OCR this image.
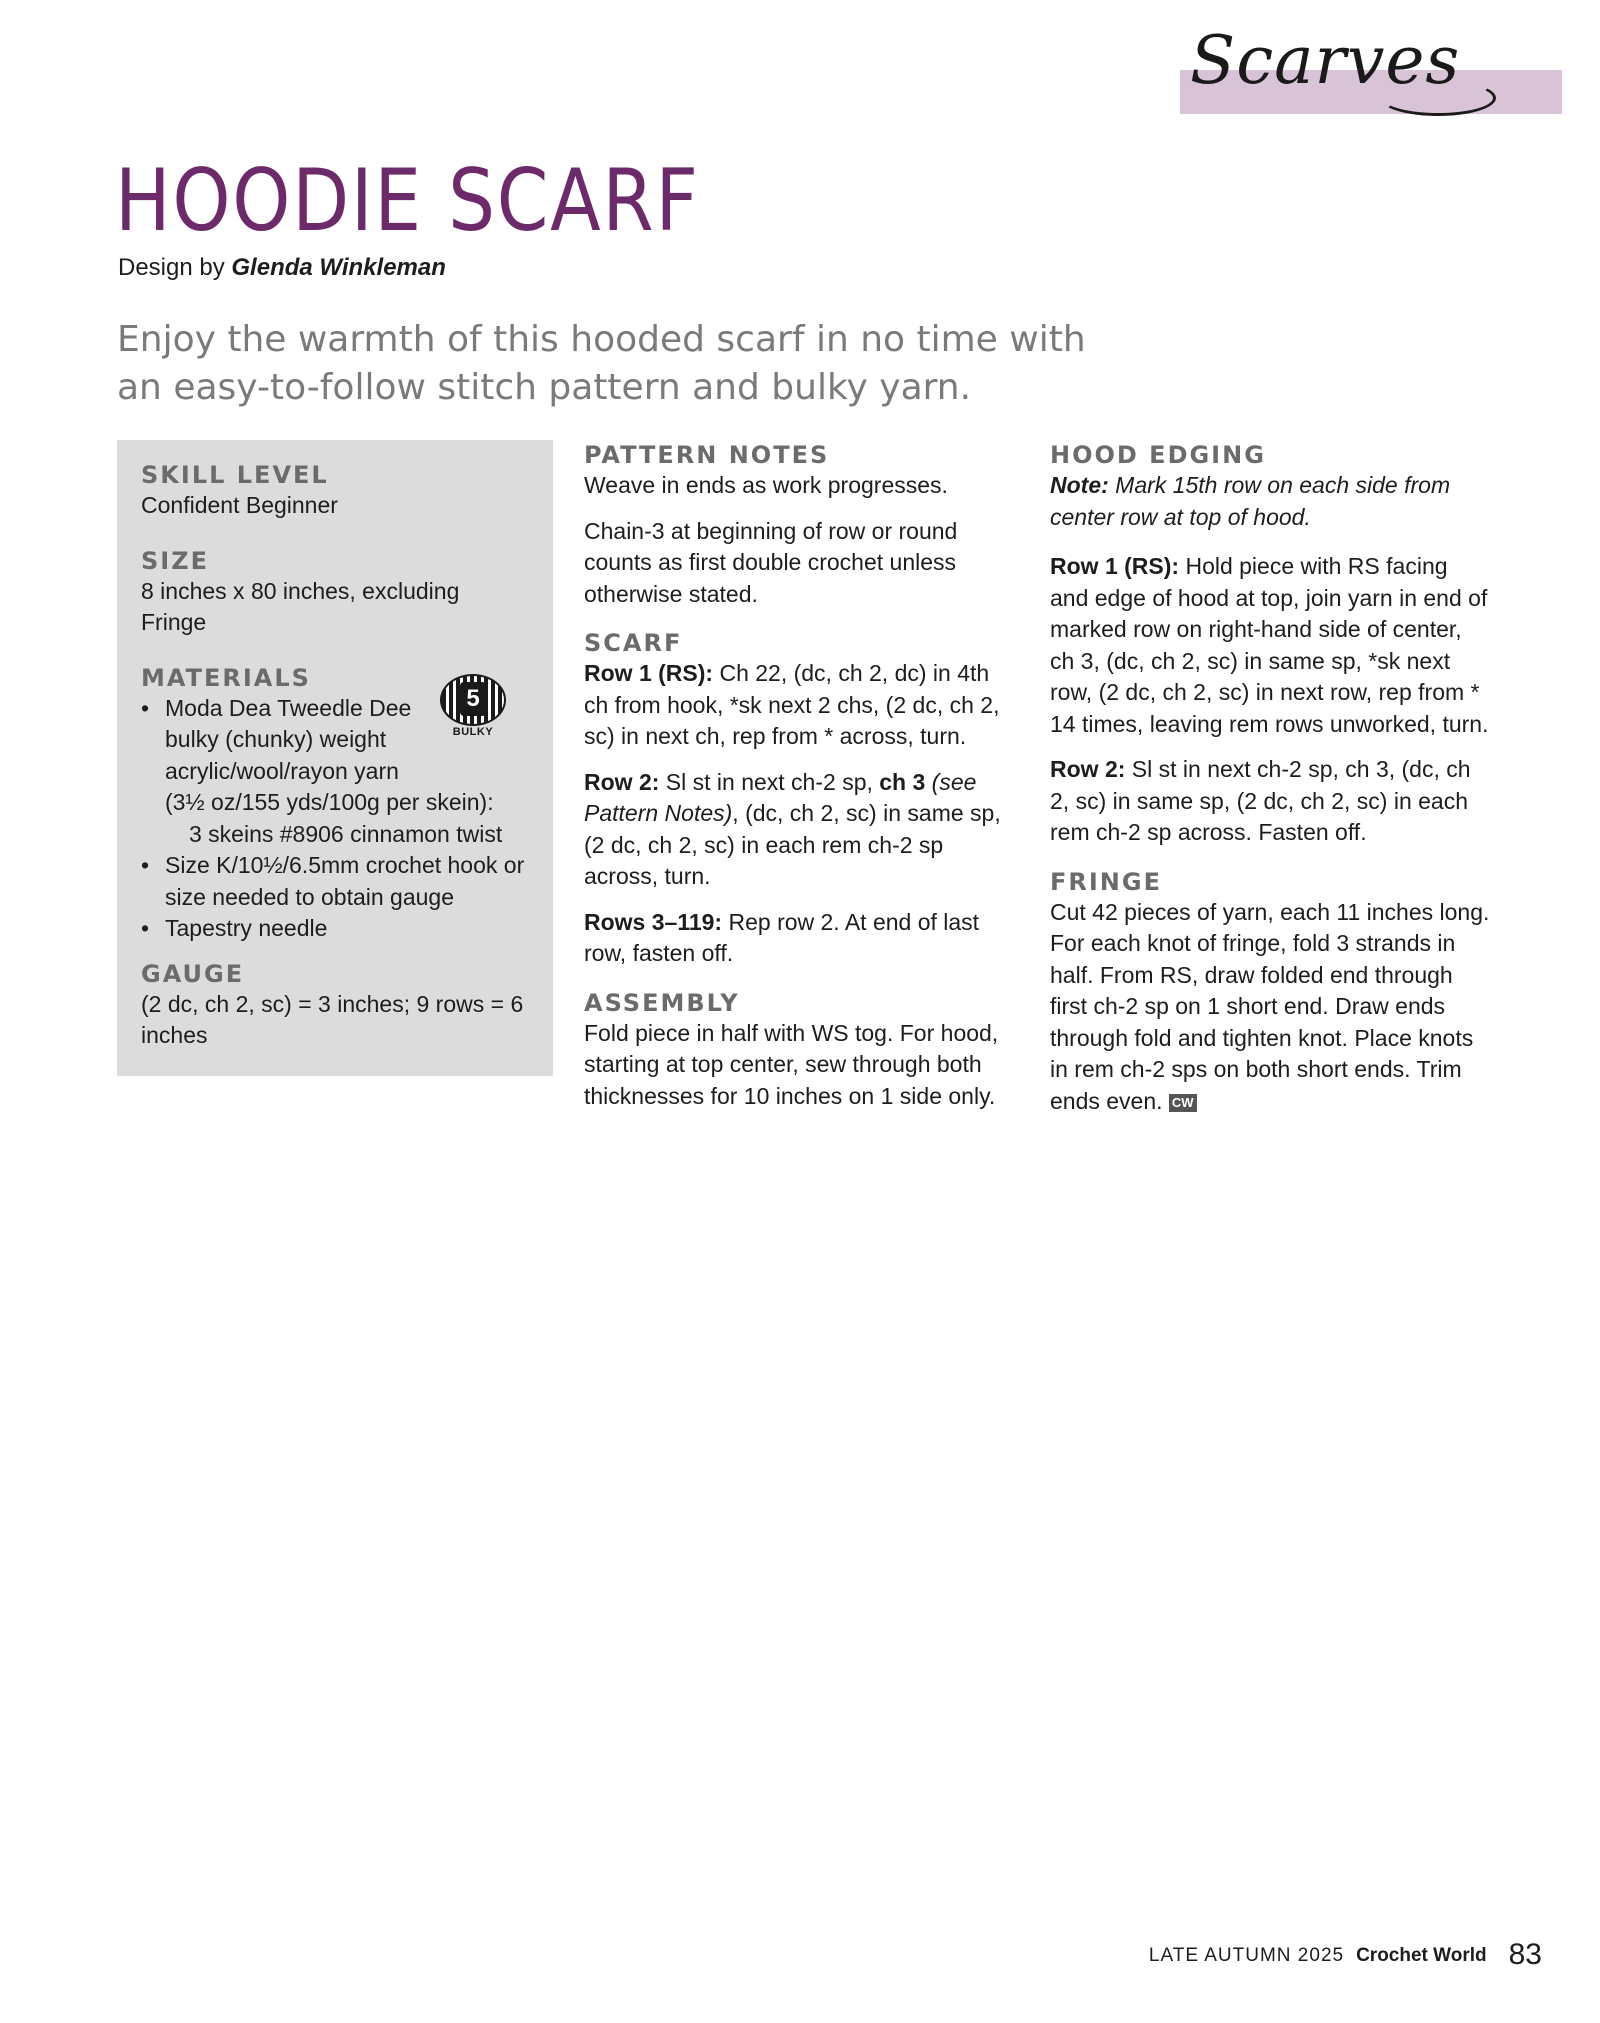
Scarves
HOODIE SCARF
Design by Glenda Winkleman

Enjoy the warmth of this hooded scarf in no time with an easy-to-follow stitch pattern and bulky yarn.

SKILL LEVEL

Confident Beginner

SIZE

8 inches x 80 inches, excluding Fringe

MATERIALS

• Moda Dea Tweedle Dee
bulky (chunky) weight
acrylic/wool/rayon yarn
(3½ oz/155 yds/100g per skein):
3 skeins #8906 cinnamon twist
• Size K/10½/6.5mm crochet hook or size needed to obtain gauge
• Tapestry needle

GAUGE

(2 dc, ch 2, sc) = 3 inches; 9 rows = 6 inches

5
BULKY

PATTERN NOTES

Weave in ends as work progresses.

Chain-3 at beginning of row or round counts as first double crochet unless otherwise stated.

SCARF

Row 1 (RS): Ch 22, (dc, ch 2, dc) in 4th ch from hook, *sk next 2 chs, (2 dc, ch 2, sc) in next ch, rep from * across, turn.

Row 2: Sl st in next ch-2 sp, ch 3 (see Pattern Notes), (dc, ch 2, sc) in same sp, (2 dc, ch 2, sc) in each rem ch-2 sp across, turn.

Rows 3–119: Rep row 2. At end of last row, fasten off.

ASSEMBLY

Fold piece in half with WS tog. For hood, starting at top center, sew through both thicknesses for 10 inches on 1 side only.

HOOD EDGING

Note: Mark 15th row on each side from center row at top of hood.

Row 1 (RS): Hold piece with RS facing and edge of hood at top, join yarn in end of marked row on right-hand side of center, ch 3, (dc, ch 2, sc) in same sp, *sk next row, (2 dc, ch 2, sc) in next row, rep from * 14 times, leaving rem rows unworked, turn.

Row 2: Sl st in next ch-2 sp, ch 3, (dc, ch 2, sc) in same sp, (2 dc, ch 2, sc) in each rem ch-2 sp across. Fasten off.

FRINGE

Cut 42 pieces of yarn, each 11 inches long. For each knot of fringe, fold 3 strands in half. From RS, draw folded end through first ch-2 sp on 1 short end. Draw ends through fold and tighten knot. Place knots in rem ch-2 sps on both short ends. Trim ends even. CW

LATE AUTUMN 2025 Crochet World 83
